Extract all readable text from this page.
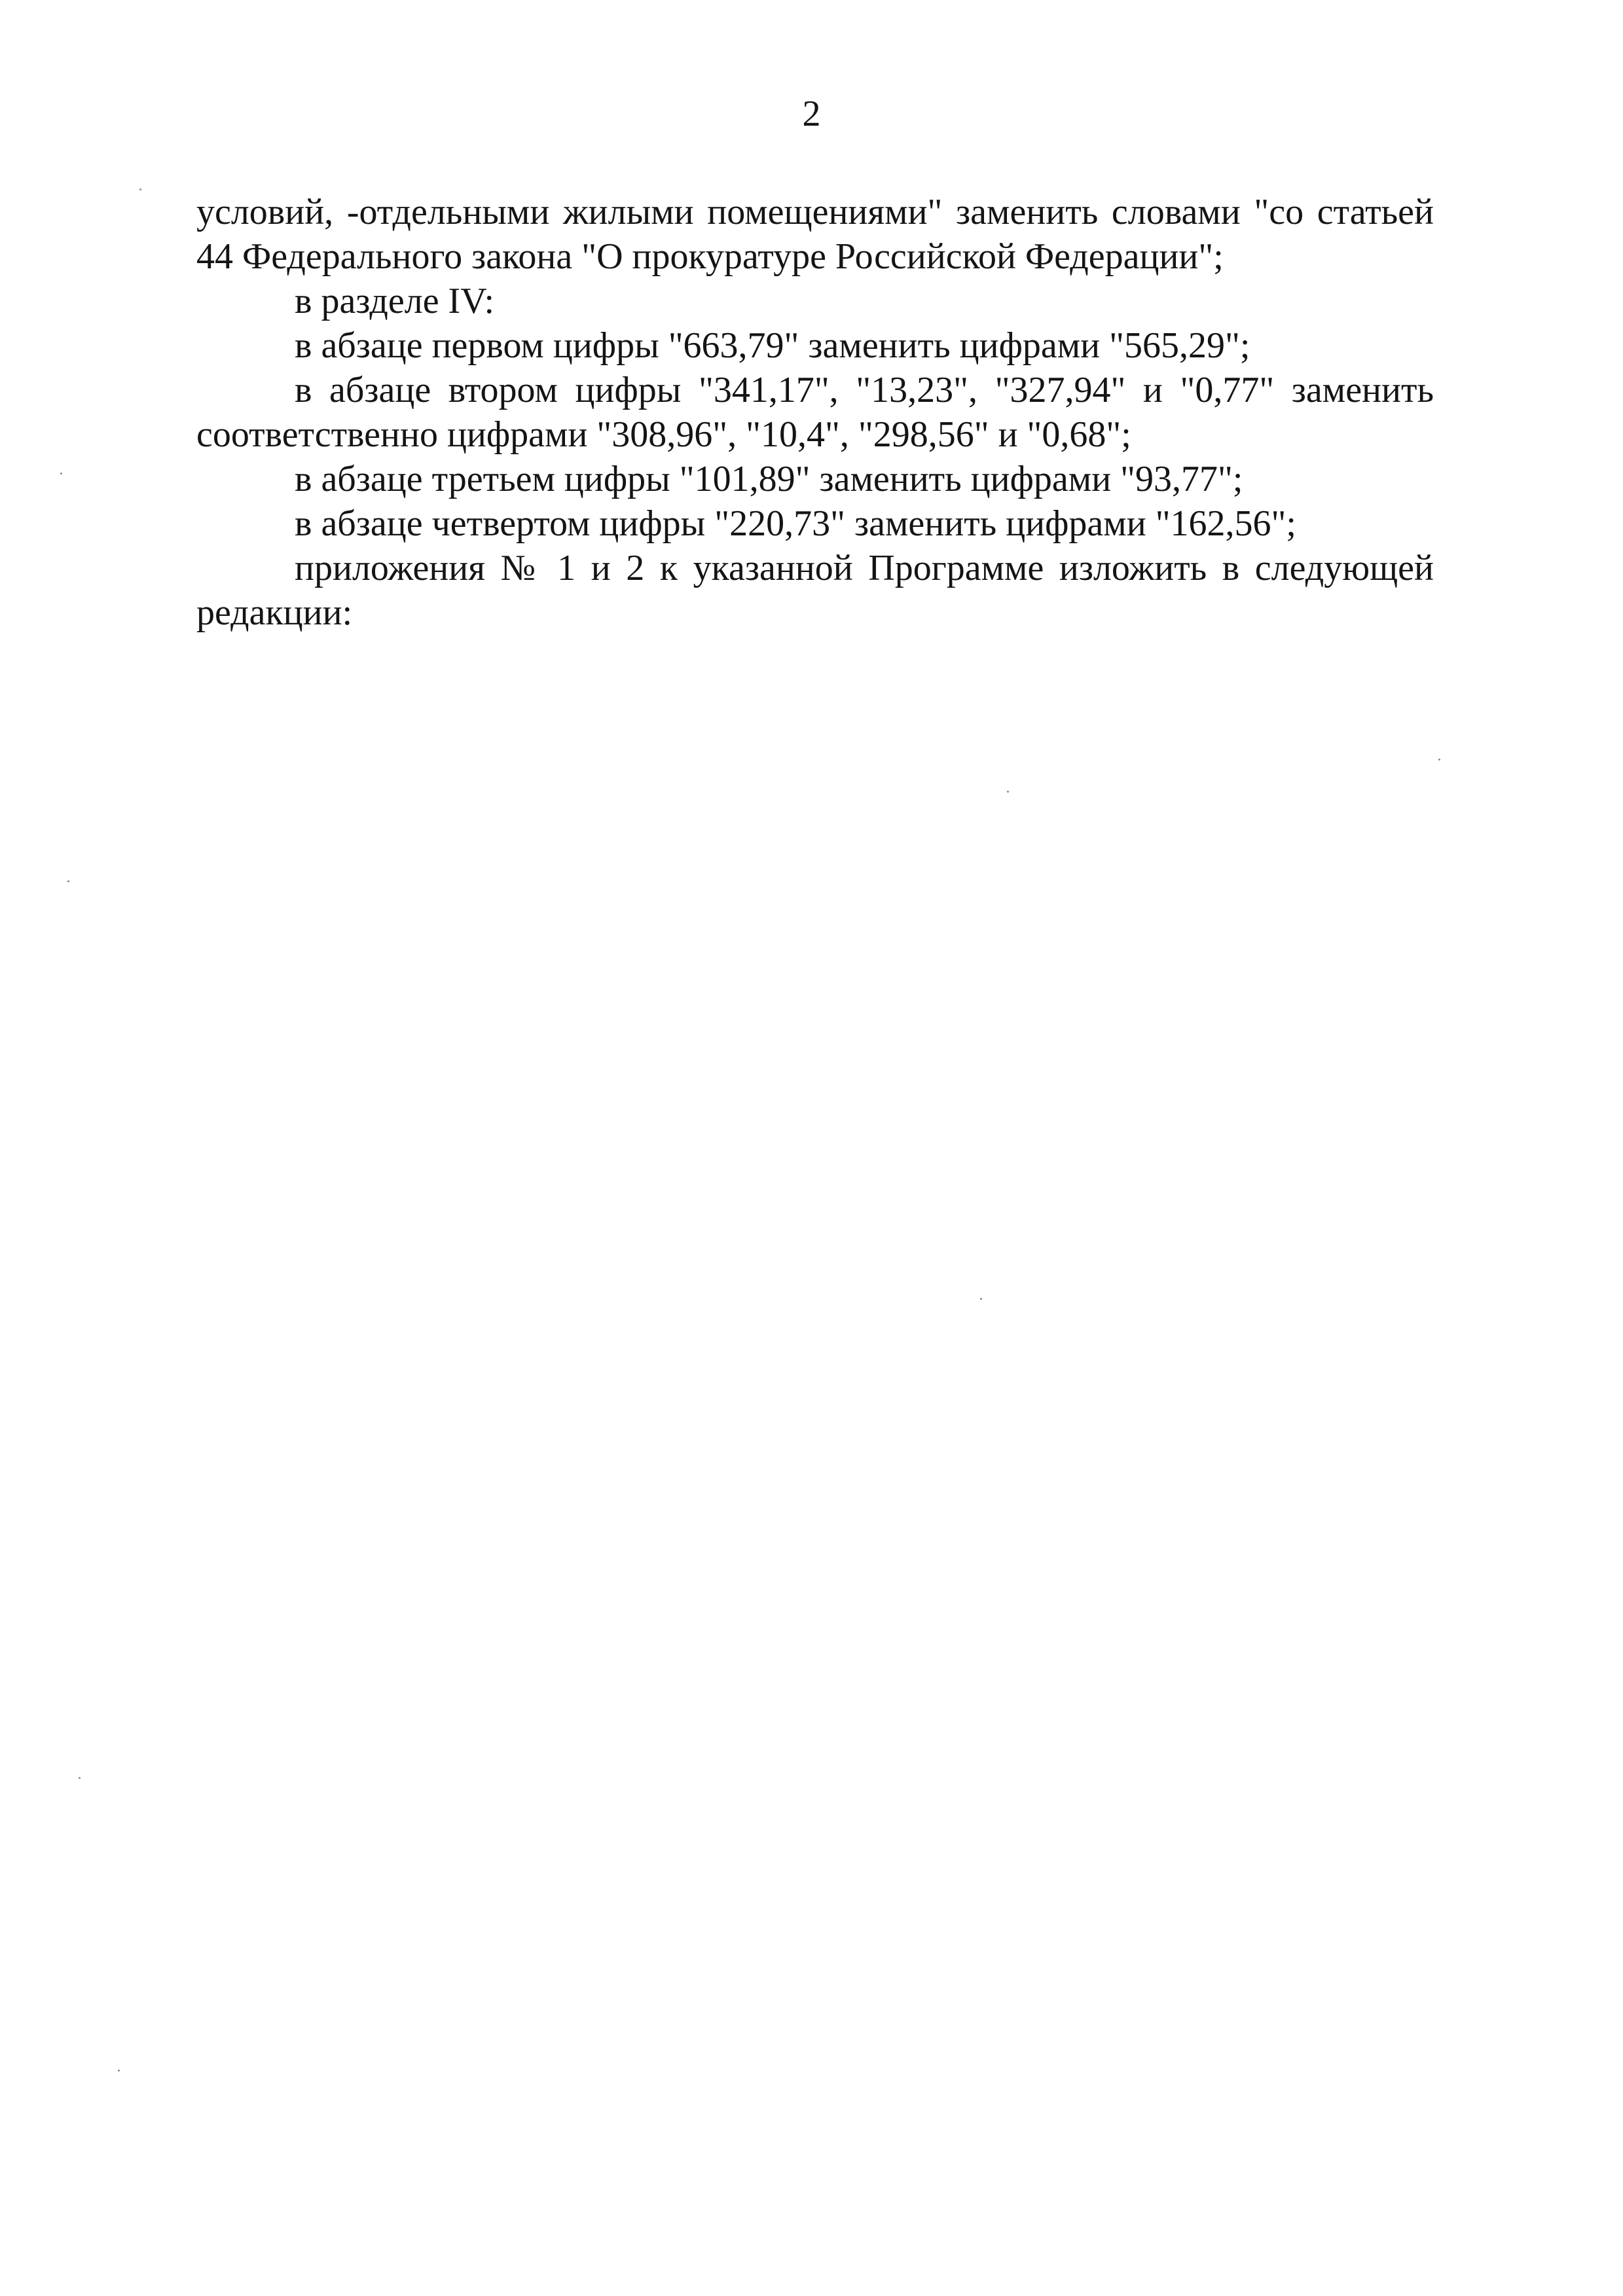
2

условий, ‐отдельными жилыми помещениями" заменить словами "со статьей 44 Федерального закона "О прокуратуре Российской Федерации";

в разделе IV:

в абзаце первом цифры "663,79" заменить цифрами "565,29";

в абзаце втором цифры "341,17", "13,23", "327,94" и "0,77" заменить соответственно цифрами "308,96", "10,4", "298,56" и "0,68";

в абзаце третьем цифры "101,89" заменить цифрами "93,77";

в абзаце четвертом цифры "220,73" заменить цифрами "162,56";

приложения № 1 и 2 к указанной Программе изложить в следующей редакции:
